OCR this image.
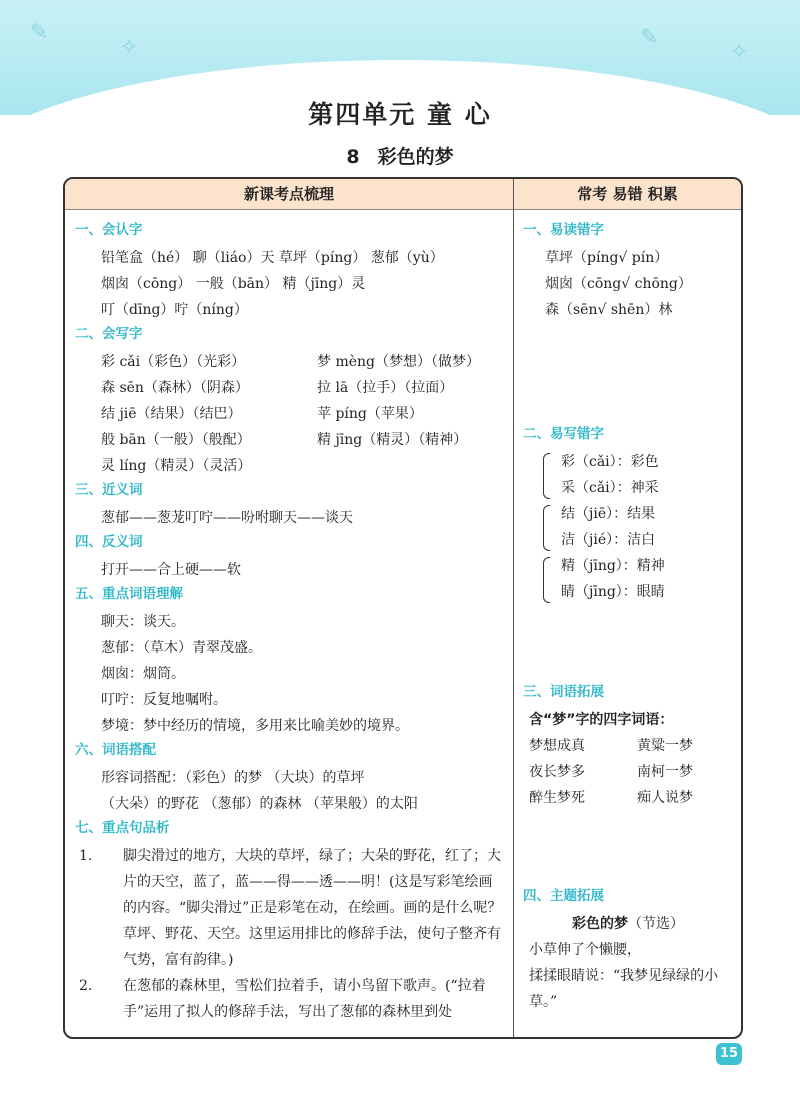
✎
✧	✎
✧
第四单元 童 心
8 彩色的梦
新课考点梳理	常考 易错 积累
一、会认字
铅笔盒（hé） 聊（liáo）天 草坪（píng） 葱郁（yù）
烟囱（cōng） 一般（bān） 精（jīng）灵
叮（dīng）咛（níng）
二、会写字
彩 cǎi（彩色）（光彩）	梦 mèng（梦想）（做梦）
森 sēn（森林）（阴森）	拉 lā（拉手）（拉面）
结 jiē（结果）（结巴）	苹 píng（苹果）
般 bān（一般）（般配）	精 jīng（精灵）（精神）
灵 líng（精灵）（灵活）
三、近义词
葱郁——葱茏叮咛——吩咐聊天——谈天
四、反义词
打开——合上硬——软
五、重点词语理解
聊天：谈天。
葱郁：（草木）青翠茂盛。
烟囱：烟筒。
叮咛：反复地嘱咐。
梦境：梦中经历的情境，多用来比喻美妙的境界。
六、词语搭配
形容词搭配：（彩色）的梦 （大块）的草坪
（大朵）的野花 （葱郁）的森林 （苹果般）的太阳
七、重点句品析
1. 脚尖滑过的地方，大块的草坪，绿了；大朵的野花，红了；大片的天空，蓝了，蓝——得——透——明！(这是写彩笔绘画的内容。“脚尖滑过”正是彩笔在动，在绘画。画的是什么呢？草坪、野花、天空。这里运用排比的修辞手法，使句子整齐有气势，富有韵律。)
2. 在葱郁的森林里，雪松们拉着手，请小鸟留下歌声。(“拉着手”运用了拟人的修辞手法，写出了葱郁的森林里到处
一、易读错字
草坪（píng√ pín）
烟囱（cōng√ chōng）
森（sēn√ shēn）林
二、易写错字
彩（cǎi）：彩色
采（cǎi）：神采
结（jiē）：结果
洁（jié）：洁白
精（jīng）：精神
睛（jīng）：眼睛
三、词语拓展
含“梦”字的四字词语：
梦想成真	黄粱一梦
夜长梦多	南柯一梦
醉生梦死	痴人说梦
四、主题拓展
彩色的梦（节选）
小草伸了个懒腰，
揉揉眼睛说：“我梦见绿绿的小草。”
15
